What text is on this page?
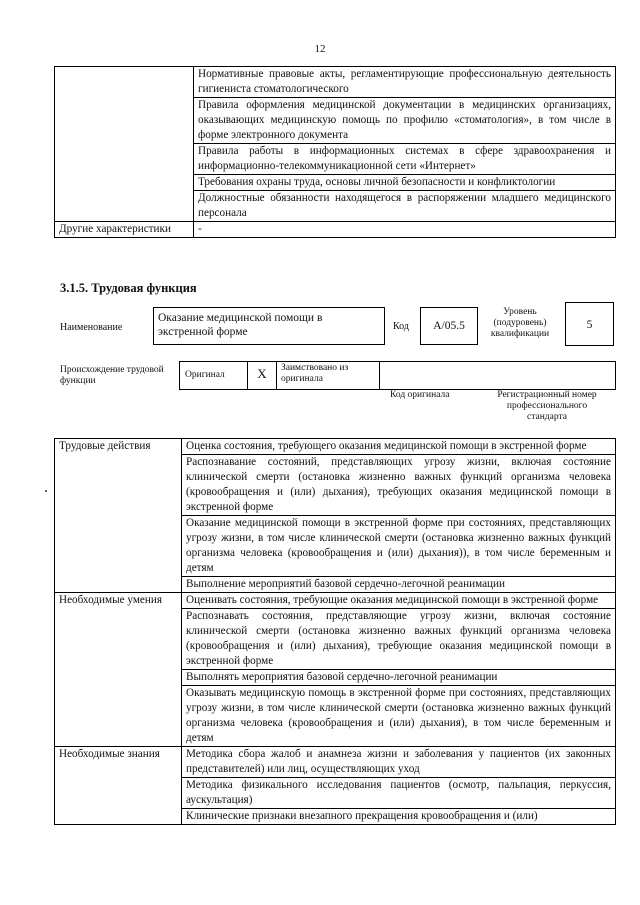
12
	Нормативные правовые акты, регламентирующие профессиональную деятельность гигиениста стоматологического
	Правила оформления медицинской документации в медицинских организациях, оказывающих медицинскую помощь по профилю «стоматология», в том числе в форме электронного документа
	Правила работы в информационных системах в сфере здравоохранения и информационно-телекоммуникационной сети «Интернет»
	Требования охраны труда, основы личной безопасности и конфликтологии
	Должностные обязанности находящегося в распоряжении младшего медицинского персонала
Другие характеристики	-
3.1.5. Трудовая функция
Наименование
Оказание медицинской помощи в экстренной форме	Код	A/05.5
Уровень (подуровень) квалификации
5
Происхождение трудовой функции
Оригинал	X	Заимствовано из оригинала
Код оригинала	Регистрационный номер профессионального стандарта
Трудовые действия	Оценка состояния, требующего оказания медицинской помощи в экстренной форме
	Распознавание состояний, представляющих угрозу жизни, включая состояние клинической смерти (остановка жизненно важных функций организма человека (кровообращения и (или) дыхания), требующих оказания медицинской помощи в экстренной форме
	Оказание медицинской помощи в экстренной форме при состояниях, представляющих угрозу жизни, в том числе клинической смерти (остановка жизненно важных функций организма человека (кровообращения и (или) дыхания)), в том числе беременным и детям
	Выполнение мероприятий базовой сердечно-легочной реанимации
Необходимые умения	Оценивать состояния, требующие оказания медицинской помощи в экстренной форме
	Распознавать состояния, представляющие угрозу жизни, включая состояние клинической смерти (остановка жизненно важных функций организма человека (кровообращения и (или) дыхания), требующие оказания медицинской помощи в экстренной форме
	Выполнять мероприятия базовой сердечно-легочной реанимации
	Оказывать медицинскую помощь в экстренной форме при состояниях, представляющих угрозу жизни, в том числе клинической смерти (остановка жизненно важных функций организма человека (кровообращения и (или) дыхания), в том числе беременным и детям
Необходимые знания	Методика сбора жалоб и анамнеза жизни и заболевания у пациентов (их законных представителей) или лиц, осуществляющих уход
	Методика физикального исследования пациентов (осмотр, пальпация, перкуссия, аускультация)
	Клинические признаки внезапного прекращения кровообращения и (или)
